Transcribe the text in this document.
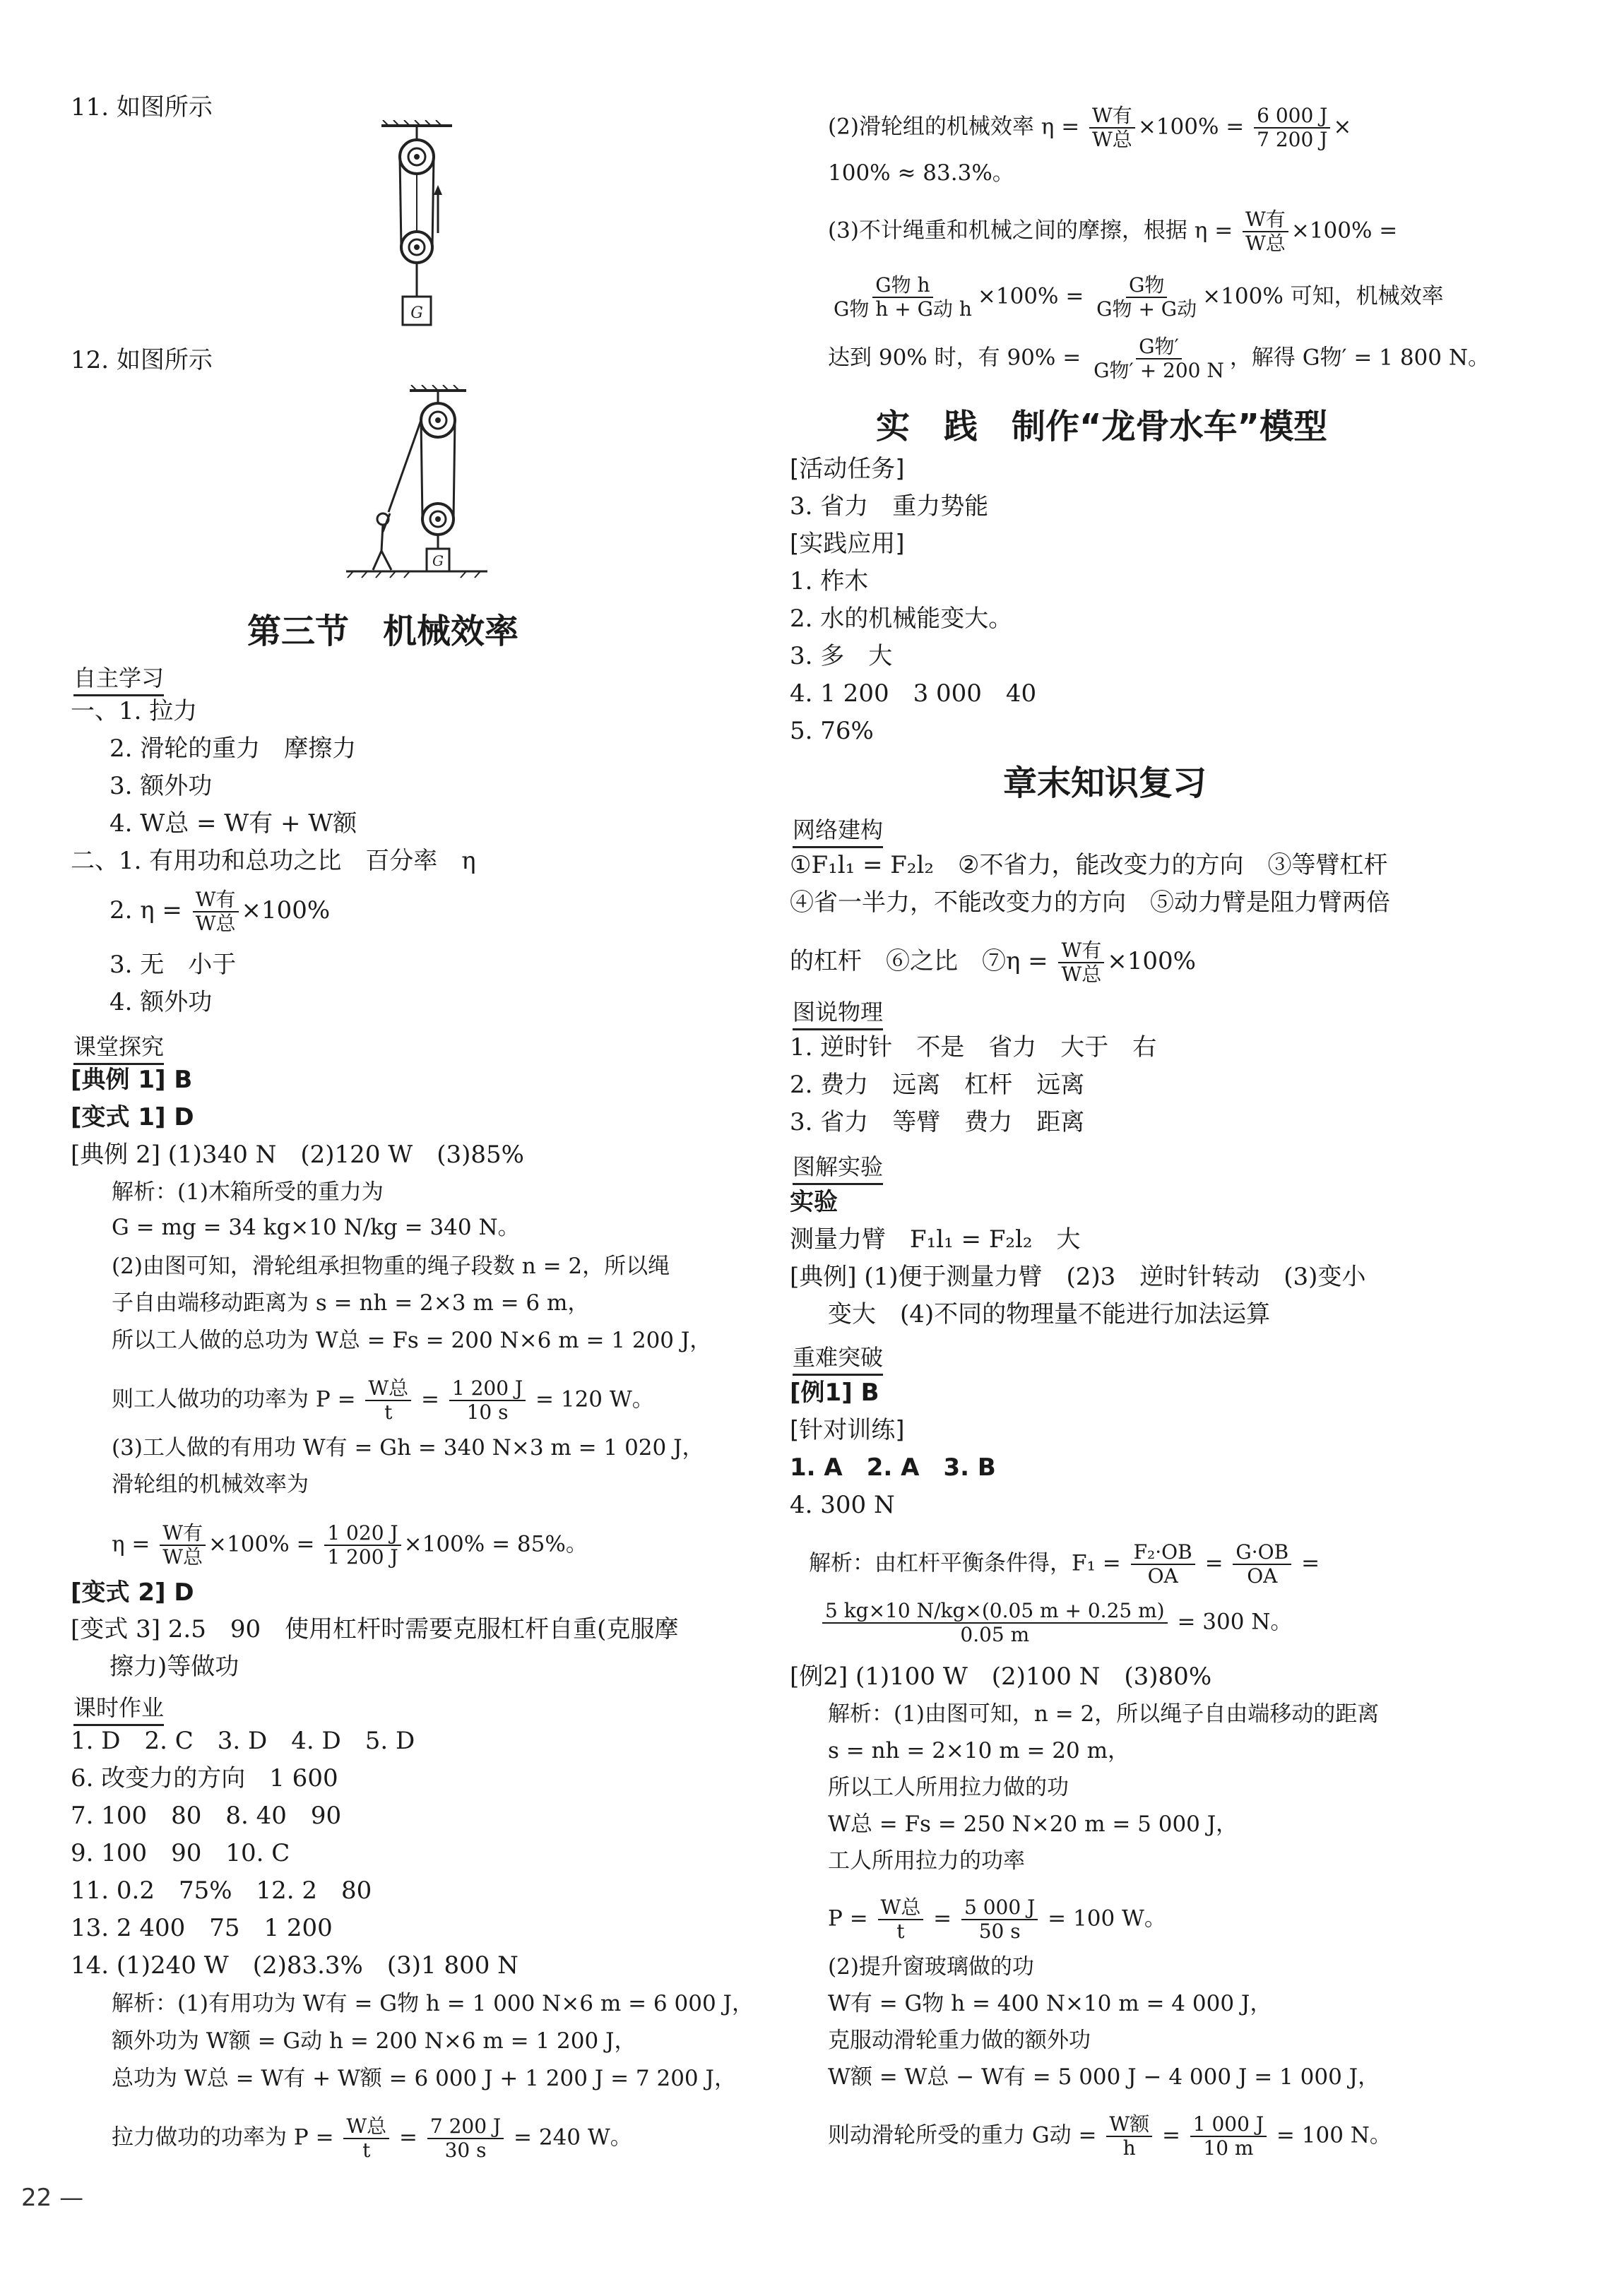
11. 如图所示
G
12. 如图所示
G
第三节　机械效率
自主学习
一、1. 拉力
2. 滑轮的重力　摩擦力
3. 额外功
4. W总 = W有 + W额
二、1. 有用功和总功之比　百分率　η
2. $\eta = \frac{\text{W有}}{\text{W总}} \times 100\%$
3. 无　小于
4. 额外功
课堂探究
[典例 1] B
[变式 1] D
[典例 2] (1)340 N　(2)120 W　(3)85%
解析：(1)木箱所受的重力为
G = mg = 34 kg×10 N/kg = 340 N。
(2)由图可知，滑轮组承担物重的绳子段数 n = 2，所以绳
子自由端移动距离为 s = nh = 2×3 m = 6 m，
所以工人做的总功为 W总 = Fs = 200 N×6 m = 1 200 J，
则工人做功的功率为 $P = \frac{\text{W总}}{t} = \frac{1 200 J}{10 s} = 120$ W。
(3)工人做的有用功 W有 = Gh = 340 N×3 m = 1 020 J，
滑轮组的机械效率为
$\eta = \frac{\text{W有}}{\text{W总}} \times 100\% = \frac{1 020 J}{1 200 J} \times 100\% = 85\%$。
[变式 2] D
[变式 3] 2.5　90　使用杠杆时需要克服杠杆自重(克服摩
擦力)等做功
课时作业
1. D　2. C　3. D　4. D　5. D
6. 改变力的方向　1 600
7. 100　80　8. 40　90
9. 100　90　10. C
11. 0.2　75%　12. 2　80
13. 2 400　75　1 200
14. (1)240 W　(2)83.3%　(3)1 800 N
解析：(1)有用功为 W有 = G物 h = 1 000 N×6 m = 6 000 J，
额外功为 W额 = G动 h = 200 N×6 m = 1 200 J，
总功为 W总 = W有 + W额 = 6 000 J + 1 200 J = 7 200 J，
拉力做功的功率为 $P = \frac{\text{W总}}{t} = \frac{7 200 J}{30 s} = 240$ W。
22 —
(2)滑轮组的机械效率 $\eta = \frac{\text{W有}}{\text{W总}} \times 100\% = \frac{6 000 J}{7 200 J}$ ×
100% ≈ 83.3%。
(3)不计绳重和机械之间的摩擦，根据 $\eta = \frac{\text{W有}}{\text{W总}} \times 100\%$ =
$\frac{\text{G物 h}}{\text{G物 h + G动 h}} \times 100\% = \frac{\text{G物}}{\text{G物 + G动}} \times 100\%$ 可知，机械效率
达到 90% 时，有 $90\% = \frac{\text{G物′}}{\text{G物′ + 200 N}}$ ，解得 G物′ = 1 800 N。
实　践　制作“龙骨水车”模型
[活动任务]
3. 省力　重力势能
[实践应用]
1. 柞木
2. 水的机械能变大。
3. 多　大
4. 1 200　3 000　40
5. 76%
章末知识复习
网络建构
①F₁l₁ = F₂l₂　②不省力，能改变力的方向　③等臂杠杆
④省一半力，不能改变力的方向　⑤动力臂是阻力臂两倍
的杠杆　⑥之比　⑦η = $\frac{\text{W有}}{\text{W总}} \times 100\%$
图说物理
1. 逆时针　不是　省力　大于　右
2. 费力　远离　杠杆　远离
3. 省力　等臂　费力　距离
图解实验
实验
测量力臂　F₁l₁ = F₂l₂　大
[典例] (1)便于测量力臂　(2)3　逆时针转动　(3)变小
变大　(4)不同的物理量不能进行加法运算
重难突破
[例1] B
[针对训练]
1. A　2. A　3. B
4. 300 N
解析：由杠杆平衡条件得，$F_1 = \frac{\text{F₂·OB}}{OA} = \frac{G\cdot OB}{OA}$ =
$\frac{5 kg\times 10 N/kg\times(0.05 m + 0.25 m)}{0.05 m} = 300$ N。
[例2] (1)100 W　(2)100 N　(3)80%
解析：(1)由图可知，n = 2，所以绳子自由端移动的距离
s = nh = 2×10 m = 20 m，
所以工人所用拉力做的功
W总 = Fs = 250 N×20 m = 5 000 J，
工人所用拉力的功率
$P = \frac{\text{W总}}{t} = \frac{5 000 J}{50 s} = 100$ W。
(2)提升窗玻璃做的功
W有 = G物 h = 400 N×10 m = 4 000 J，
克服动滑轮重力做的额外功
W额 = W总 − W有 = 5 000 J − 4 000 J = 1 000 J，
则动滑轮所受的重力 G动 = $\frac{\text{W额}}{h} = \frac{1 000 J}{10 m} = 100$ N。
